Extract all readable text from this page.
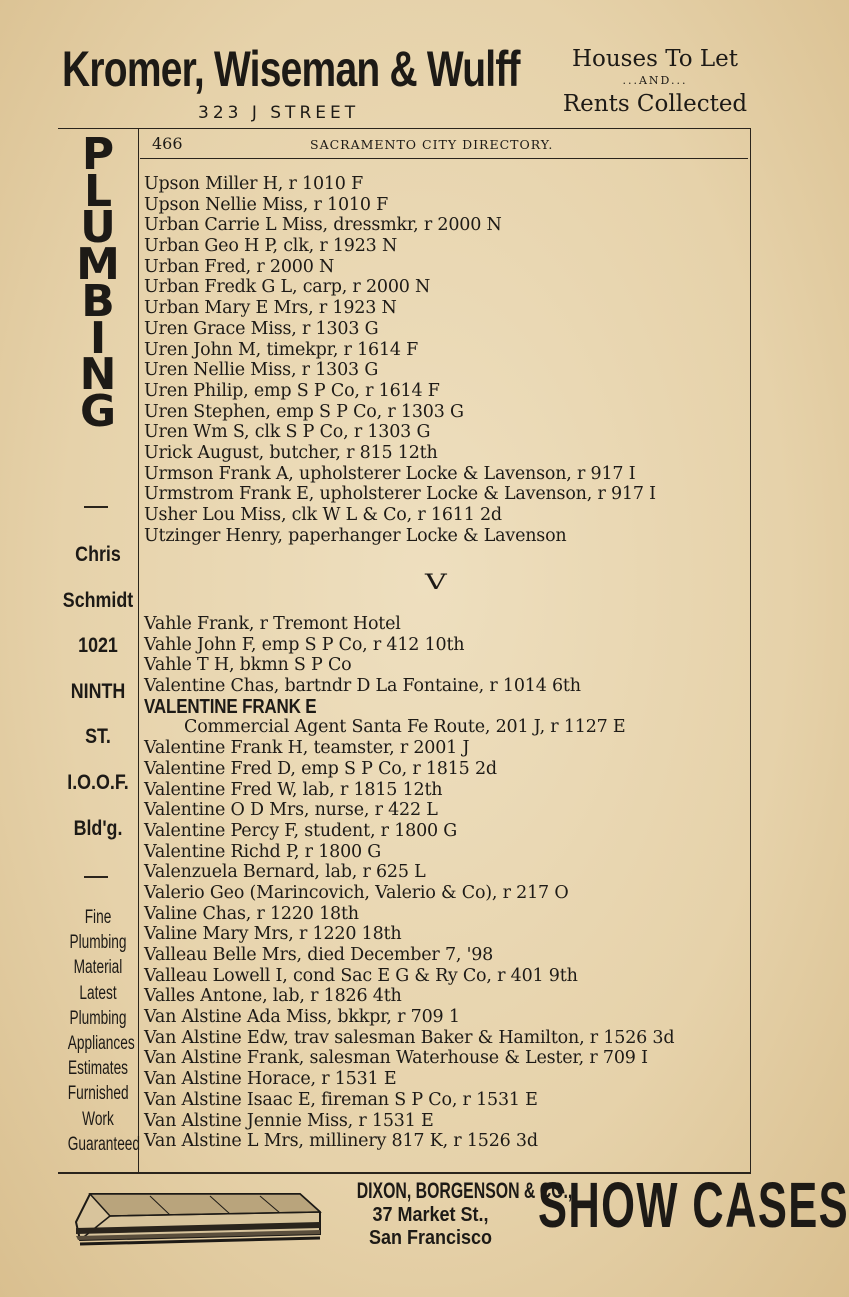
Kromer, Wiseman & Wulff
323 J STREET
Houses To Let
...AND...
Rents Collected
466	SACRAMENTO CITY DIRECTORY.
P
L
U
M
B
I
N
G
Chris
Schmidt
1021
NINTH
ST.
I.O.O.F.
Bld'g.
Fine
Plumbing
Material
Latest
Plumbing
Appliances
Estimates
Furnished
Work
Guaranteed
Upson Miller H, r 1010 F
Upson Nellie Miss, r 1010 F
Urban Carrie L Miss, dressmkr, r 2000 N
Urban Geo H P, clk, r 1923 N
Urban Fred, r 2000 N
Urban Fredk G L, carp, r 2000 N
Urban Mary E Mrs, r 1923 N
Uren Grace Miss, r 1303 G
Uren John M, timekpr, r 1614 F
Uren Nellie Miss, r 1303 G
Uren Philip, emp S P Co, r 1614 F
Uren Stephen, emp S P Co, r 1303 G
Uren Wm S, clk S P Co, r 1303 G
Urick August, butcher, r 815 12th
Urmson Frank A, upholsterer Locke & Lavenson, r 917 I
Urmstrom Frank E, upholsterer Locke & Lavenson, r 917 I
Usher Lou Miss, clk W L & Co, r 1611 2d
Utzinger Henry, paperhanger Locke & Lavenson
V
Vahle Frank, r Tremont Hotel
Vahle John F, emp S P Co, r 412 10th
Vahle T H, bkmn S P Co
Valentine Chas, bartndr D La Fontaine, r 1014 6th
VALENTINE FRANK E
Commercial Agent Santa Fe Route, 201 J, r 1127 E
Valentine Frank H, teamster, r 2001 J
Valentine Fred D, emp S P Co, r 1815 2d
Valentine Fred W, lab, r 1815 12th
Valentine O D Mrs, nurse, r 422 L
Valentine Percy F, student, r 1800 G
Valentine Richd P, r 1800 G
Valenzuela Bernard, lab, r 625 L
Valerio Geo (Marincovich, Valerio & Co), r 217 O
Valine Chas, r 1220 18th
Valine Mary Mrs, r 1220 18th
Valleau Belle Mrs, died December 7, '98
Valleau Lowell I, cond Sac E G & Ry Co, r 401 9th
Valles Antone, lab, r 1826 4th
Van Alstine Ada Miss, bkkpr, r 709 1
Van Alstine Edw, trav salesman Baker & Hamilton, r 1526 3d
Van Alstine Frank, salesman Waterhouse & Lester, r 709 I
Van Alstine Horace, r 1531 E
Van Alstine Isaac E, fireman S P Co, r 1531 E
Van Alstine Jennie Miss, r 1531 E
Van Alstine L Mrs, millinery 817 K, r 1526 3d
DIXON, BORGENSON & CO.,
37 Market St.,
San Francisco SHOW CASES
